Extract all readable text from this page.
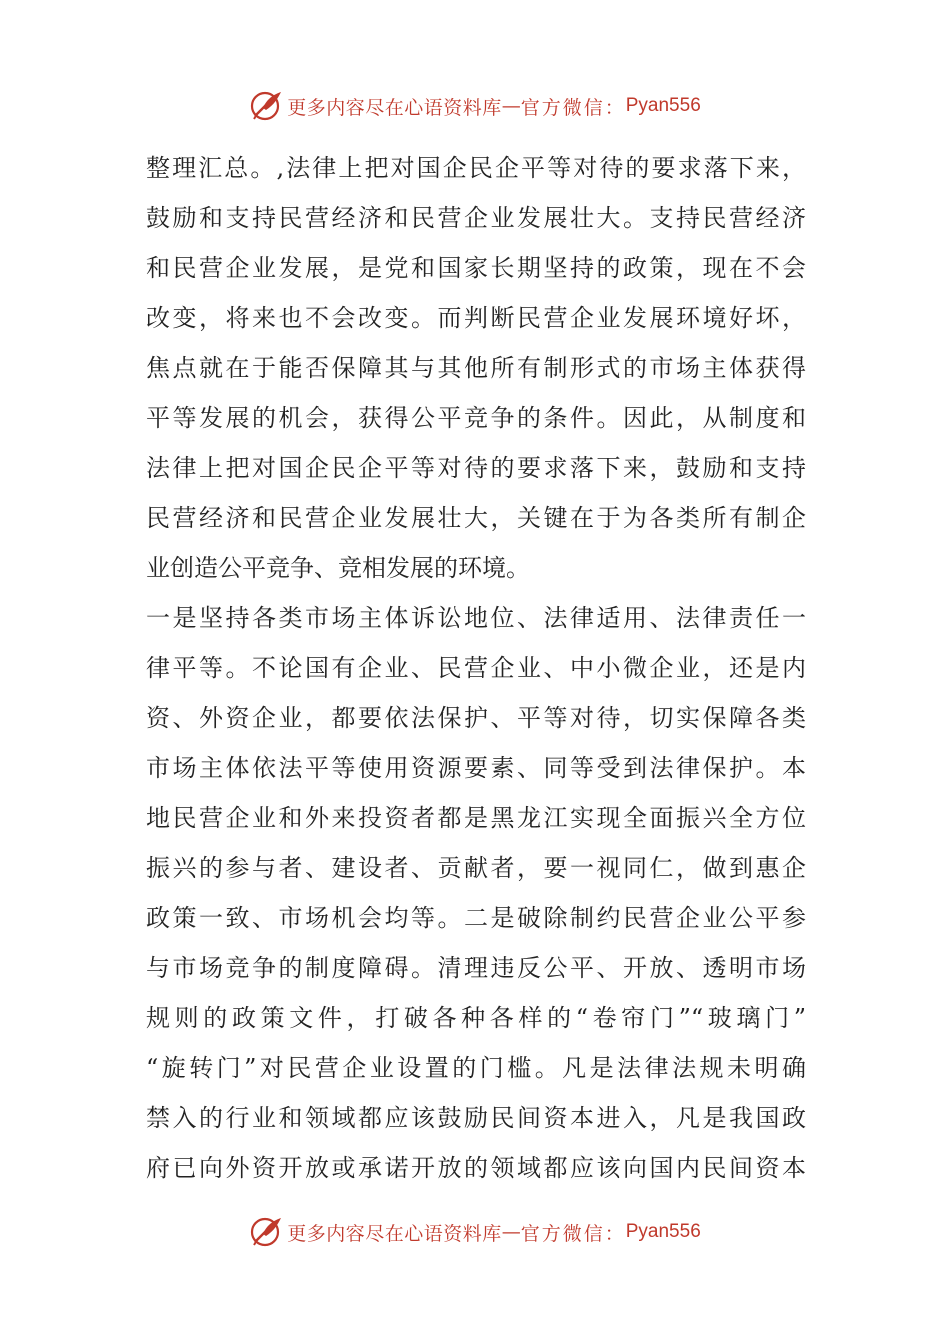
更多内容尽在心语资料库 — 官方微信： Pyan556
整理汇总。,法律上把对国企民企平等对待的要求落下来，
鼓励和支持民营经济和民营企业发展壮大。支持民营经济
和民营企业发展，是党和国家长期坚持的政策，现在不会
改变，将来也不会改变。而判断民营企业发展环境好坏，
焦点就在于能否保障其与其他所有制形式的市场主体获得
平等发展的机会，获得公平竞争的条件。因此，从制度和
法律上把对国企民企平等对待的要求落下来，鼓励和支持
民营经济和民营企业发展壮大，关键在于为各类所有制企
业创造公平竞争、竞相发展的环境。
一是坚持各类市场主体诉讼地位、法律适用、法律责任一
律平等。不论国有企业、民营企业、中小微企业，还是内
资、外资企业，都要依法保护、平等对待，切实保障各类
市场主体依法平等使用资源要素、同等受到法律保护。本
地民营企业和外来投资者都是黑龙江实现全面振兴全方位
振兴的参与者、建设者、贡献者，要一视同仁，做到惠企
政策一致、市场机会均等。二是破除制约民营企业公平参
与市场竞争的制度障碍。清理违反公平、开放、透明市场
规则的政策文件，打破各种各样的“卷帘门”“玻璃门”
“旋转门”对民营企业设置的门槛。凡是法律法规未明确
禁入的行业和领域都应该鼓励民间资本进入，凡是我国政
府已向外资开放或承诺开放的领域都应该向国内民间资本
更多内容尽在心语资料库 — 官方微信： Pyan556
